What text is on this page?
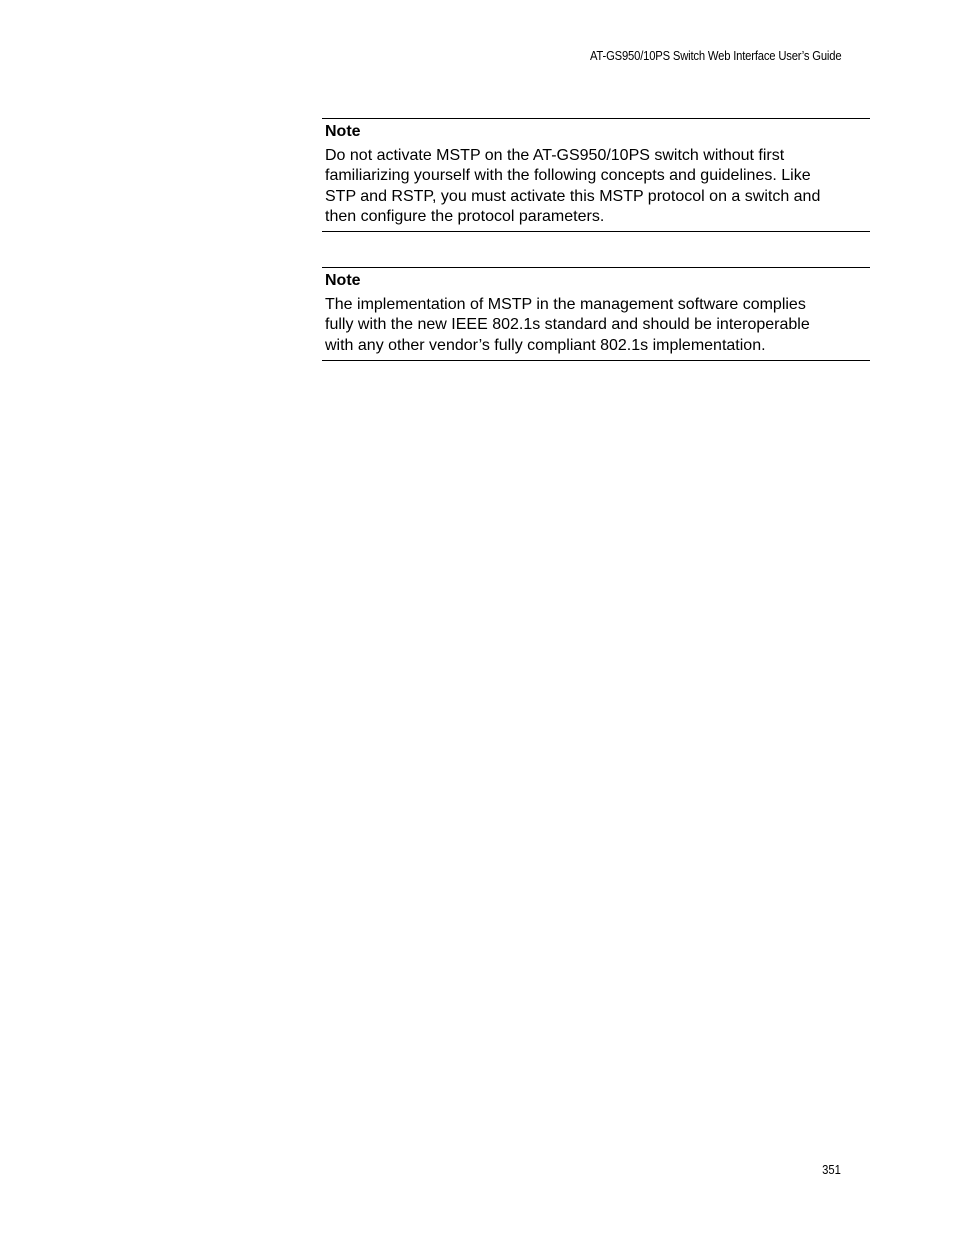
AT-GS950/10PS Switch Web Interface User’s Guide
Note
Do not activate MSTP on the AT-GS950/10PS switch without first
familiarizing yourself with the following concepts and guidelines. Like
STP and RSTP, you must activate this MSTP protocol on a switch and
then configure the protocol parameters.
Note
The implementation of MSTP in the management software complies
fully with the new IEEE 802.1s standard and should be interoperable
with any other vendor’s fully compliant 802.1s implementation.
351
